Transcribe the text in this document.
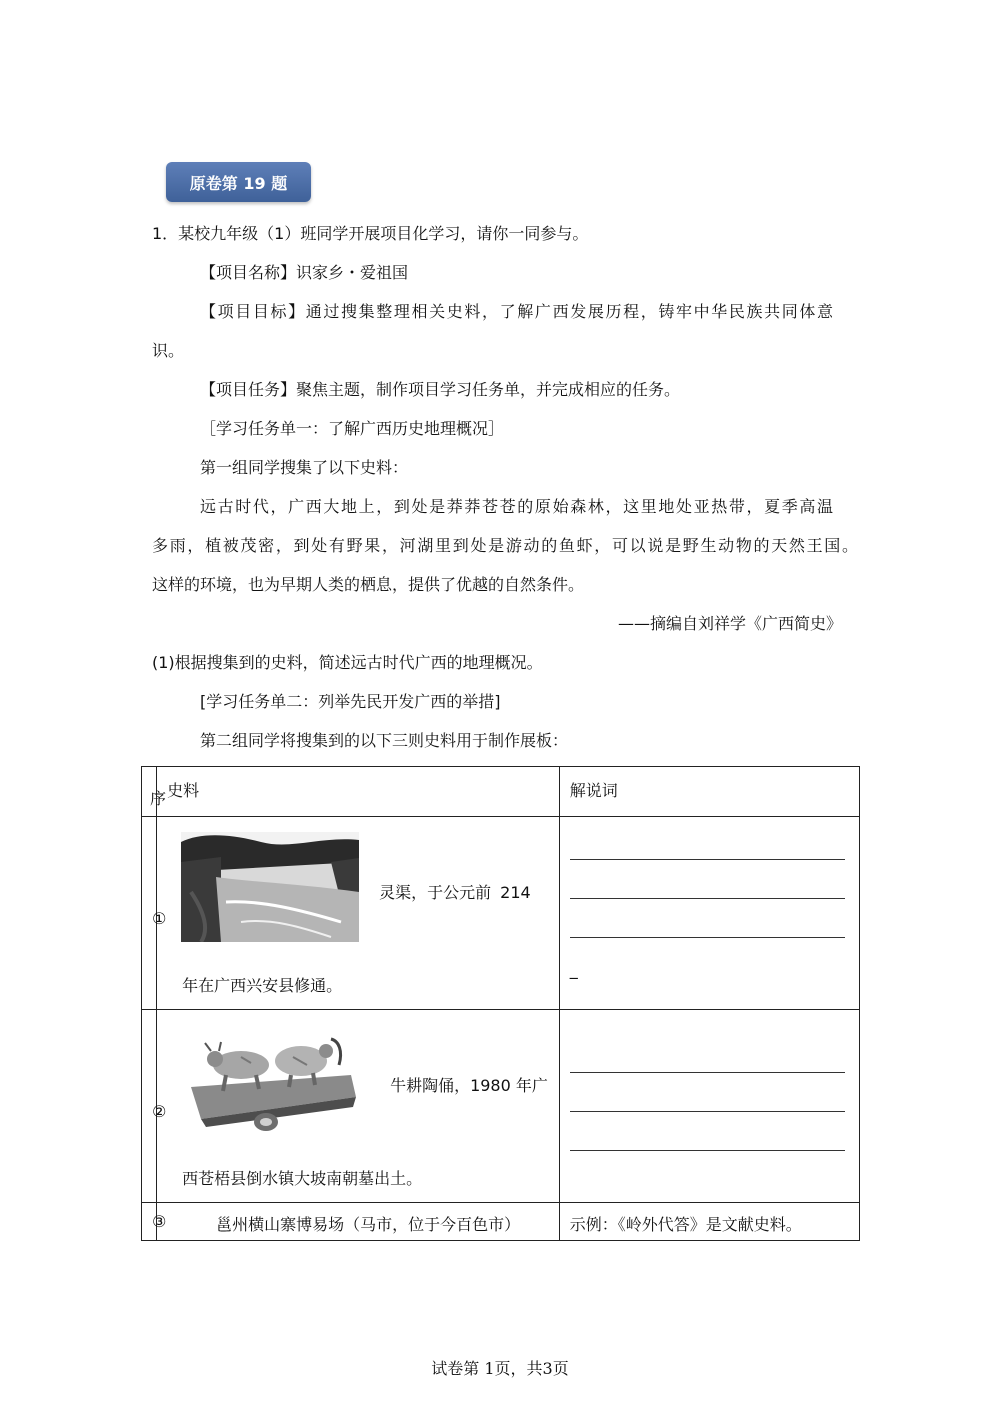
原卷第 19 题
1．某校九年级（1）班同学开展项目化学习，请你一同参与。
【项目名称】识家乡・爱祖国
【项目目标】通过搜集整理相关史料，了解广西发展历程，铸牢中华民族共同体意
识。
【项目任务】聚焦主题，制作项目学习任务单，并完成相应的任务。
［学习任务单一：了解广西历史地理概况］
第一组同学搜集了以下史料：
远古时代，广西大地上，到处是莽莽苍苍的原始森林，这里地处亚热带，夏季高温
多雨，植被茂密，到处有野果，河湖里到处是游动的鱼虾，可以说是野生动物的天然王国。
这样的环境，也为早期人类的栖息，提供了优越的自然条件。
——摘编自刘祥学《广西简史》
(1)根据搜集到的史料，简述远古时代广西的地理概况。
[学习任务单二：列举先民开发广西的举措]
第二组同学将搜集到的以下三则史料用于制作展板：
序	史料	解说词

①	灵渠，于公元前 214
年在广西兴安县修通。	_

②	牛耕陶俑，1980 年广
西苍梧县倒水镇大坡南朝墓出土。	

③	邕州横山寨博易场（马市，位于今百色市）	示例：《岭外代答》是文献史料。
试卷第 1页，共3页
